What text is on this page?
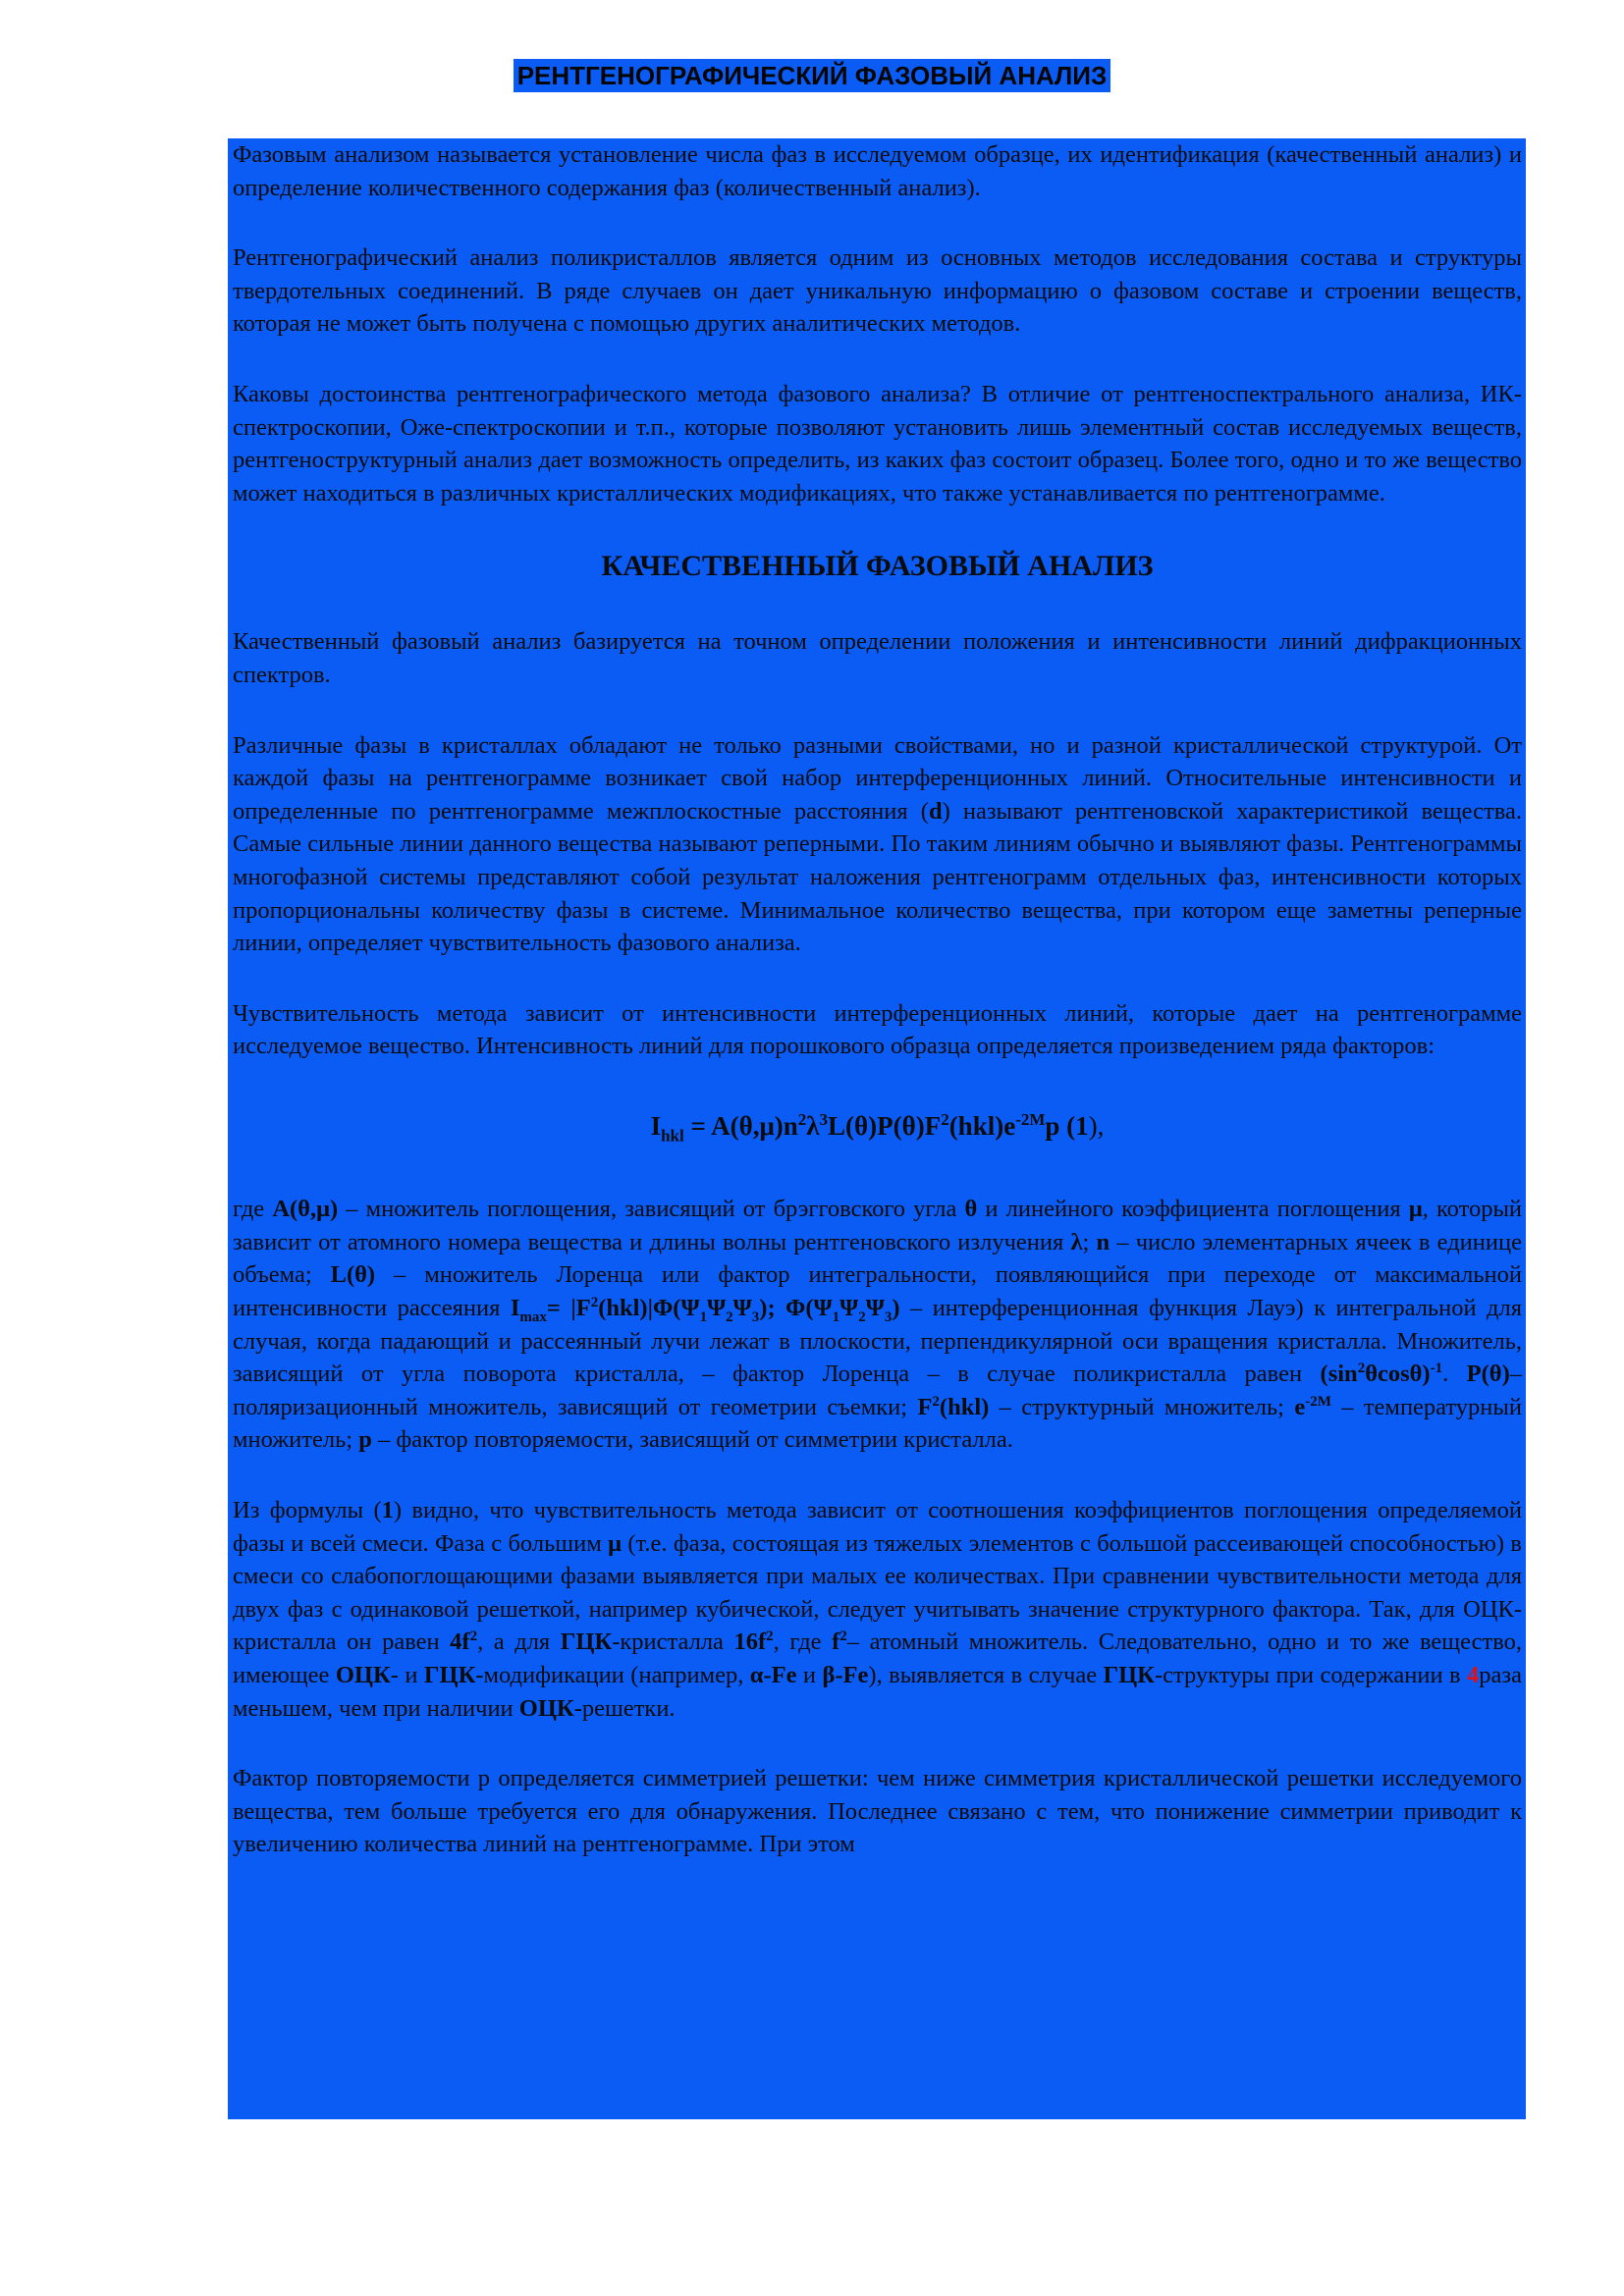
РЕНТГЕНОГРАФИЧЕСКИЙ ФАЗОВЫЙ АНАЛИЗ

Фазовым анализом называется установление числа фаз в исследуемом образце, их идентификация (качественный анализ) и определение количественного содержания фаз (количественный анализ).

Рентгенографический анализ поликристаллов является одним из основных методов исследования состава и структуры твердотельных соединений. В ряде случаев он дает уникальную информацию о фазовом составе и строении веществ, которая не может быть получена с помощью других аналитических методов.

Каковы достоинства рентгенографического метода фазового анализа? В отличие от рентгеноспектрального анализа, ИК-спектроскопии, Оже-спектроскопии и т.п., которые позволяют установить лишь элементный состав исследуемых веществ, рентгеноструктурный анализ дает возможность определить, из каких фаз состоит образец. Более того, одно и то же вещество может находиться в различных кристаллических модификациях, что также устанавливается по рентгенограмме.

КАЧЕСТВЕННЫЙ ФАЗОВЫЙ АНАЛИЗ

Качественный фазовый анализ базируется на точном определении положения и интенсивности линий дифракционных спектров.

Различные фазы в кристаллах обладают не только разными свойствами, но и разной кристаллической структурой. От каждой фазы на рентгенограмме возникает свой набор интерференционных линий. Относительные интенсивности и определенные по рентгенограмме межплоскостные расстояния (d) называют рентгеновской характеристикой вещества. Самые сильные линии данного вещества называют реперными. По таким линиям обычно и выявляют фазы. Рентгенограммы многофазной системы представляют собой результат наложения рентгенограмм отдельных фаз, интенсивности которых пропорциональны количеству фазы в системе. Минимальное количество вещества, при котором еще заметны реперные линии, определяет чувствительность фазового анализа.

Чувствительность метода зависит от интенсивности интерференционных линий, которые дает на рентгенограмме исследуемое вещество. Интенсивность линий для порошкового образца определяется произведением ряда факторов:

$I_{hkl} = A(\theta,\mu)n^2\lambda^3L(\theta)P(\theta)F^2(hkl)e^{-2M}p$ (1),

где A(θ,μ) – множитель поглощения, зависящий от брэгговского угла θ и линейного коэффициента поглощения μ, который зависит от атомного номера вещества и длины волны рентгеновского излучения λ; n – число элементарных ячеек в единице объема; L(θ) – множитель Лоренца или фактор интегральности, появляющийся при переходе от максимальной интенсивности рассеяния $I_{max}= |F^2(hkl)|\Phi(\Psi_1\Psi_2\Psi_3)$; $\Phi(\Psi_1\Psi_2\Psi_3)$ – интерференционная функция Лауэ) к интегральной для случая, когда падающий и рассеянный лучи лежат в плоскости, перпендикулярной оси вращения кристалла. Множитель, зависящий от угла поворота кристалла, – фактор Лоренца – в случае поликристалла равен $(\sin^2\theta\cos\theta)^{-1}$. P(θ)– поляризационный множитель, зависящий от геометрии съемки; $F^2(hkl)$ – структурный множитель; $e^{-2M}$ – температурный множитель; p – фактор повторяемости, зависящий от симметрии кристалла.

Из формулы (1) видно, что чувствительность метода зависит от соотношения коэффициентов поглощения определяемой фазы и всей смеси. Фаза с большим μ (т.е. фаза, состоящая из тяжелых элементов с большой рассеивающей способностью) в смеси со слабопоглощающими фазами выявляется при малых ее количествах. При сравнении чувствительности метода для двух фаз с одинаковой решеткой, например кубической, следует учитывать значение структурного фактора. Так, для ОЦК-кристалла он равен $4f^2$, а для ГЦК-кристалла $16f^2$, где $f^2-$ атомный множитель. Следовательно, одно и то же вещество, имеющее ОЦК- и ГЦК-модификации (например, α-Fe и β-Fe), выявляется в случае ГЦК-структуры при содержании в 4раза меньшем, чем при наличии ОЦК-решетки.

Фактор повторяемости p определяется симметрией решетки: чем ниже симметрия кристаллической решетки исследуемого вещества, тем больше требуется его для обнаружения. Последнее связано с тем, что понижение симметрии приводит к увеличению количества линий на рентгенограмме. При этом
